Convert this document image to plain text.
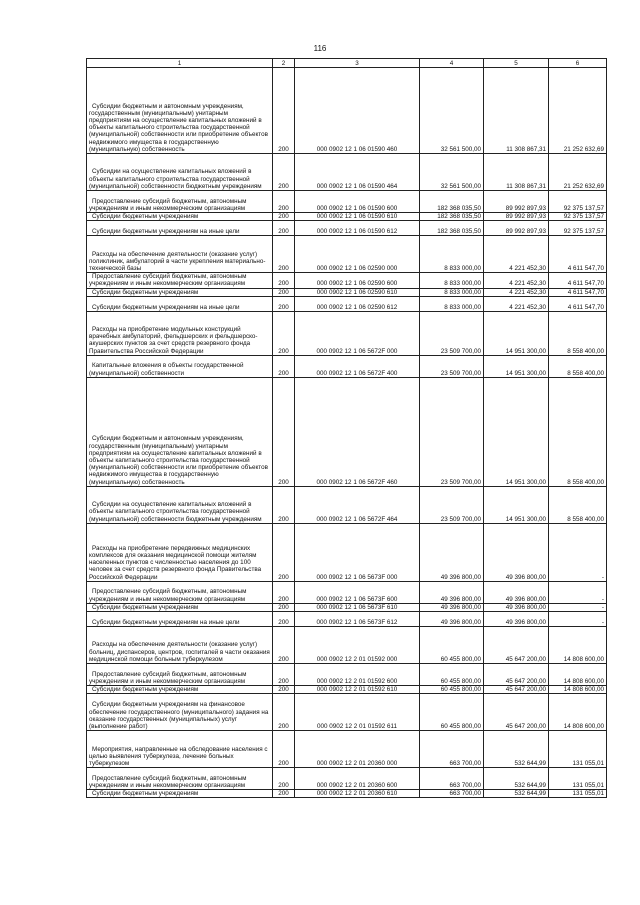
116
1	2	3	4	5	6
Субсидии бюджетным и автономным учреждениям, государственным (муниципальным) унитарным предприятиям на осуществление капитальных вложений в объекты капитального строительства государственной (муниципальной) собственности или приобретение объектов недвижимого имущества в государственную (муниципальную) собственность	200	000 0902 12 1 06 01590 460	32 561 500,00	11 308 867,31	21 252 632,69
Субсидии на осуществление капитальных вложений в объекты капитального строительства государственной (муниципальной) собственности бюджетным учреждениям	200	000 0902 12 1 06 01590 464	32 561 500,00	11 308 867,31	21 252 632,69
Предоставление субсидий бюджетным, автономным учреждениям и иным некоммерческим организациям	200	000 0902 12 1 06 01590 600	182 368 035,50	89 992 897,93	92 375 137,57
Субсидии бюджетным учреждениям	200	000 0902 12 1 06 01590 610	182 368 035,50	89 992 897,93	92 375 137,57
Субсидии бюджетным учреждениям на иные цели	200	000 0902 12 1 06 01590 612	182 368 035,50	89 992 897,93	92 375 137,57
Расходы на обеспечение деятельности (оказание услуг) поликлиник, амбулаторий в части укрепления материально-технической базы	200	000 0902 12 1 06 02590 000	8 833 000,00	4 221 452,30	4 611 547,70
Предоставление субсидий бюджетным, автономным учреждениям и иным некоммерческим организациям	200	000 0902 12 1 06 02590 600	8 833 000,00	4 221 452,30	4 611 547,70
Субсидии бюджетным учреждениям	200	000 0902 12 1 06 02590 610	8 833 000,00	4 221 452,30	4 611 547,70
Субсидии бюджетным учреждениям на иные цели	200	000 0902 12 1 06 02590 612	8 833 000,00	4 221 452,30	4 611 547,70
Расходы на приобретение модульных конструкций врачебных амбулаторий, фельдшерских и фельдшерско-акушерских пунктов за счет средств резервного фонда Правительства Российской Федерации	200	000 0902 12 1 06 5672F 000	23 509 700,00	14 951 300,00	8 558 400,00
Капитальные вложения в объекты государственной (муниципальной) собственности	200	000 0902 12 1 06 5672F 400	23 509 700,00	14 951 300,00	8 558 400,00
Субсидии бюджетным и автономным учреждениям, государственным (муниципальным) унитарным предприятиям на осуществление капитальных вложений в объекты капитального строительства государственной (муниципальной) собственности или приобретение объектов недвижимого имущества в государственную (муниципальную) собственность	200	000 0902 12 1 06 5672F 460	23 509 700,00	14 951 300,00	8 558 400,00
Субсидии на осуществление капитальных вложений в объекты капитального строительства государственной (муниципальной) собственности бюджетным учреждениям	200	000 0902 12 1 06 5672F 464	23 509 700,00	14 951 300,00	8 558 400,00
Расходы на приобретение передвижных медицинских комплексов для оказания медицинской помощи жителям населенных пунктов с численностью населения до 100 человек за счет средств резервного фонда Правительства Российской Федерации	200	000 0902 12 1 06 5673F 000	49 396 800,00	49 396 800,00	-
Предоставление субсидий бюджетным, автономным учреждениям и иным некоммерческим организациям	200	000 0902 12 1 06 5673F 600	49 396 800,00	49 396 800,00	-
Субсидии бюджетным учреждениям	200	000 0902 12 1 06 5673F 610	49 396 800,00	49 396 800,00	-
Субсидии бюджетным учреждениям на иные цели	200	000 0902 12 1 06 5673F 612	49 396 800,00	49 396 800,00	-
Расходы на обеспечение деятельности (оказание услуг) больниц, диспансеров, центров, госпиталей в части оказания медицинской помощи больным туберкулезом	200	000 0902 12 2 01 01592 000	60 455 800,00	45 647 200,00	14 808 600,00
Предоставление субсидий бюджетным, автономным учреждениям и иным некоммерческим организациям	200	000 0902 12 2 01 01592 600	60 455 800,00	45 647 200,00	14 808 600,00
Субсидии бюджетным учреждениям	200	000 0902 12 2 01 01592 610	60 455 800,00	45 647 200,00	14 808 600,00
Субсидии бюджетным учреждениям на финансовое обеспечение государственного (муниципального) задания на оказание государственных (муниципальных) услуг (выполнение работ)	200	000 0902 12 2 01 01592 611	60 455 800,00	45 647 200,00	14 808 600,00
Мероприятия, направленные на обследование населения с целью выявления туберкулеза, лечение больных туберкулезом	200	000 0902 12 2 01 20360 000	663 700,00	532 644,99	131 055,01
Предоставление субсидий бюджетным, автономным учреждениям и иным некоммерческим организациям	200	000 0902 12 2 01 20360 600	663 700,00	532 644,99	131 055,01
Субсидии бюджетным учреждениям	200	000 0902 12 2 01 20360 610	663 700,00	532 644,99	131 055,01
